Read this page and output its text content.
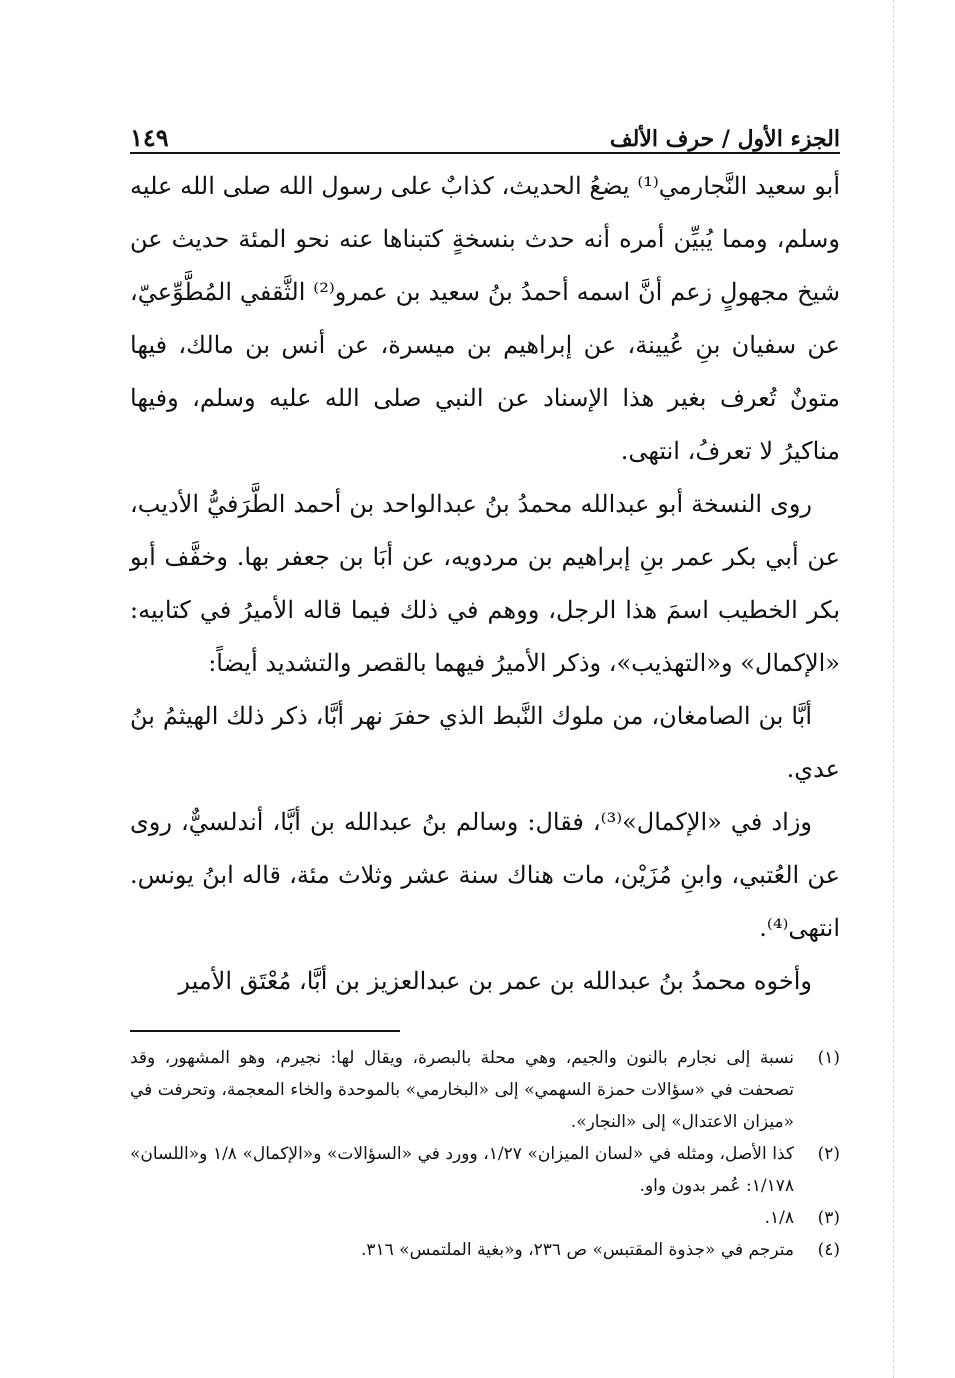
الجزء الأول / حرف الألف
١٤٩

أبو سعيد النَّجارمي⁽¹⁾ يضعُ الحديث، كذابٌ على رسول الله صلى الله عليه وسلم، ومما يُبيِّن أمره أنه حدث بنسخةٍ كتبناها عنه نحو المئة حديث عن شيخ مجهولٍ زعم أنَّ اسمه أحمدُ بنُ سعيد بن عمرو⁽²⁾ الثَّقفي المُطَّوِّعيّ، عن سفيان بنِ عُيينة، عن إبراهيم بن ميسرة، عن أنس بن مالك، فيها متونٌ تُعرف بغير هذا الإسناد عن النبي صلى الله عليه وسلم، وفيها مناكيرُ لا تعرفُ، انتهى.

روى النسخة أبو عبدالله محمدُ بنُ عبدالواحد بن أحمد الطَّرَفيُّ الأديب، عن أبي بكر عمر بنِ إبراهيم بن مردويه، عن أبَا بن جعفر بها. وخفَّف أبو بكر الخطيب اسمَ هذا الرجل، ووهم في ذلك فيما قاله الأميرُ في كتابيه: «الإكمال» و«التهذيب»، وذكر الأميرُ فيهما بالقصر والتشديد أيضاً:

أبَّا بن الصامغان، من ملوك النَّبط الذي حفرَ نهر أبَّا، ذكر ذلك الهيثمُ بنُ عدي.

وزاد في «الإكمال»⁽³⁾، فقال: وسالم بنُ عبدالله بن أبَّا، أندلسيٌّ، روى عن العُتبي، وابنِ مُزَيْن، مات هناك سنة عشر وثلاث مئة، قاله ابنُ يونس. انتهى⁽⁴⁾.

وأخوه محمدُ بنُ عبدالله بن عمر بن عبدالعزيز بن أبَّا، مُعْتَق الأمير

(١)

نسبة إلى نجارم بالنون والجيم، وهي محلة بالبصرة، ويقال لها: نجيرم، وهو المشهور، وقد تصحفت في «سؤالات حمزة السهمي» إلى «البخارمي» بالموحدة والخاء المعجمة، وتحرفت في «ميزان الاعتدال» إلى «النجار».

(٢)

كذا الأصل، ومثله في «لسان الميزان» ١/٢٧، وورد في «السؤالات» و«الإكمال» ١/٨ و«اللسان» ١/١٧٨: عُمر بدون واو.

(٣)

١/٨.

(٤)

مترجم في «جذوة المقتبس» ص ٢٣٦، و«بغية الملتمس» ٣١٦.
